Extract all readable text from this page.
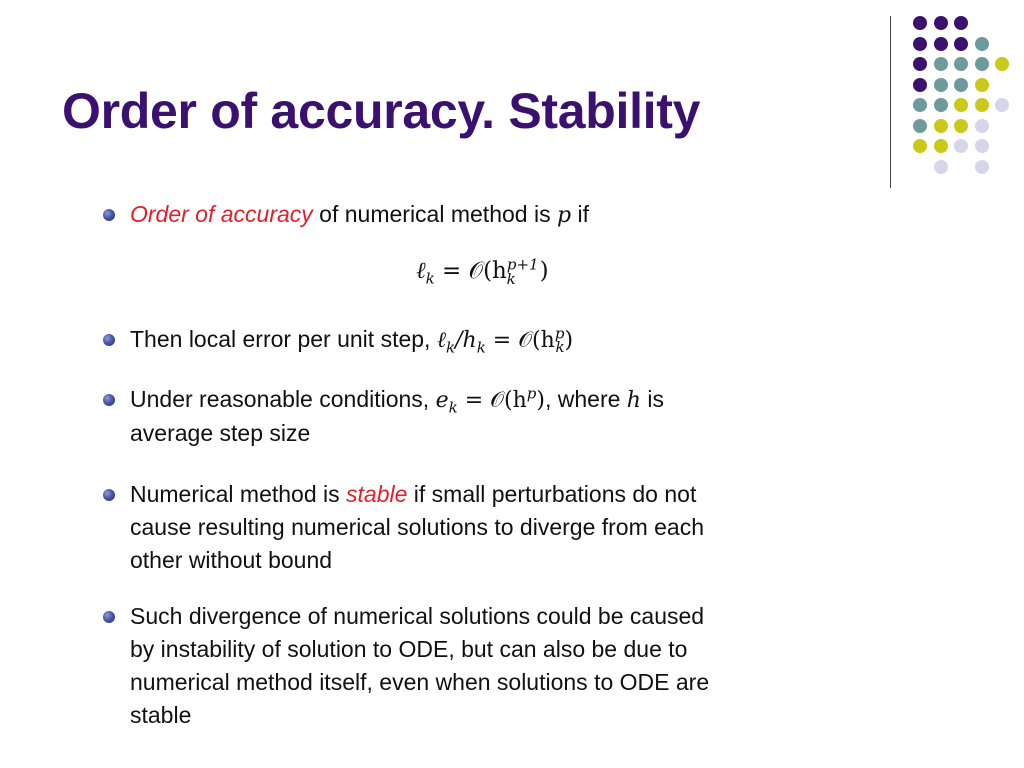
Order of accuracy. Stability
Order of accuracy of numerical method is p if
ℓ$_k$ = $𝒪(h^{p+1}_k$ )
Then local error per unit step, $\ell_k/h_k$ = $𝒪(h^p_k)$
Under reasonable conditions, $e_k$ = $𝒪(h^p)$, where h is
average step size
Numerical method is stable if small perturbations do not
cause resulting numerical solutions to diverge from each
other without bound
Such divergence of numerical solutions could be caused
by instability of solution to ODE, but can also be due to
numerical method itself, even when solutions to ODE are
stable
